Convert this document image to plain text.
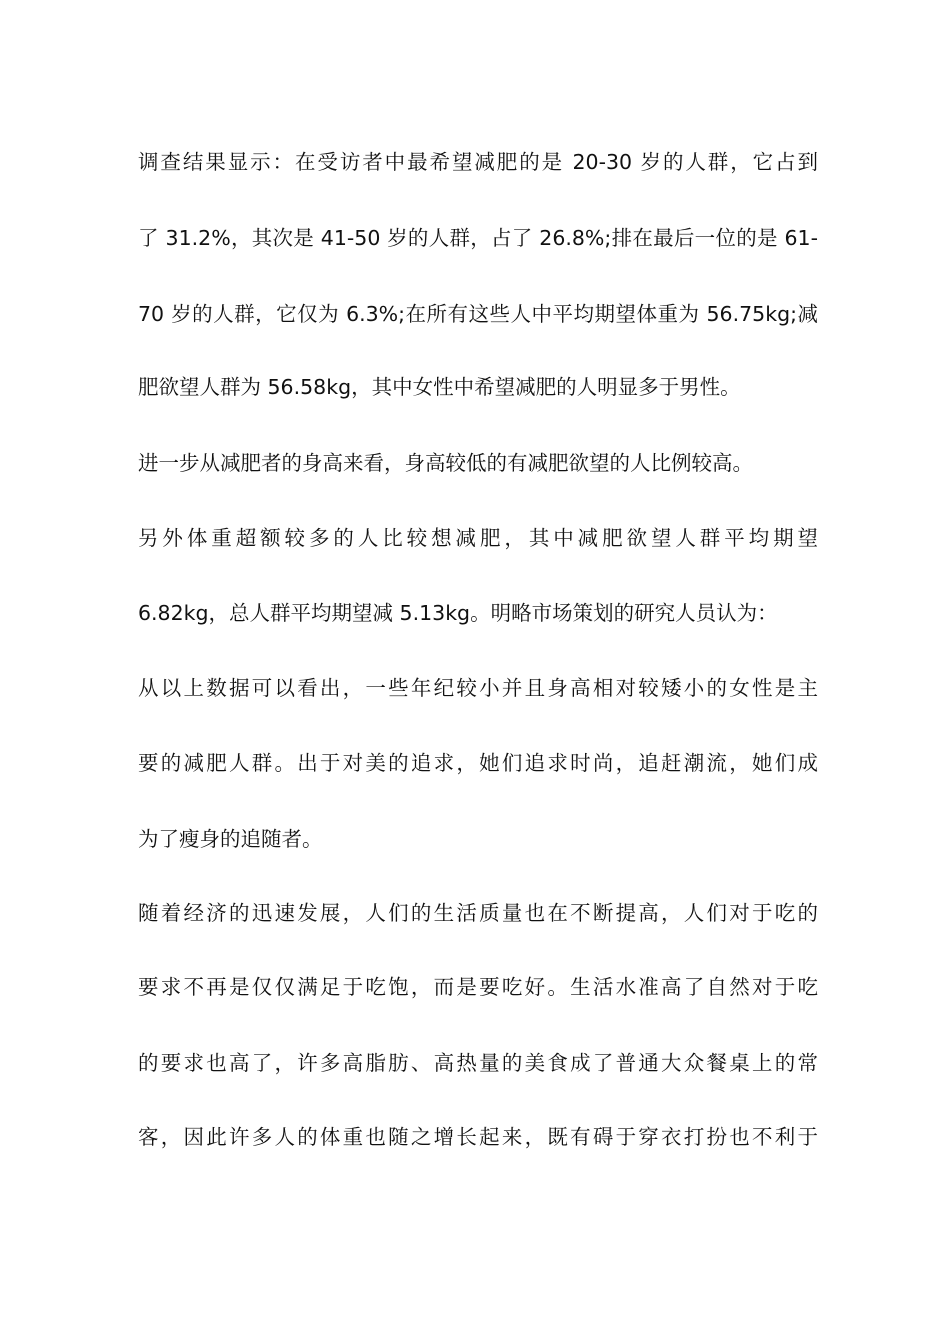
调查结果显示：在受访者中最希望减肥的是 20-30 岁的人群，它占到
了 31.2%，其次是 41-50 岁的人群，占了 26.8%;排在最后一位的是 61-
70 岁的人群，它仅为 6.3%;在所有这些人中平均期望体重为 56.75kg;减
肥欲望人群为 56.58kg，其中女性中希望减肥的人明显多于男性。
进一步从减肥者的身高来看，身高较低的有减肥欲望的人比例较高。
另外体重超额较多的人比较想减肥，其中减肥欲望人群平均期望
6.82kg，总人群平均期望减 5.13kg。明略市场策划的研究人员认为：
从以上数据可以看出，一些年纪较小并且身高相对较矮小的女性是主
要的减肥人群。出于对美的追求，她们追求时尚，追赶潮流，她们成
为了瘦身的追随者。
随着经济的迅速发展，人们的生活质量也在不断提高，人们对于吃的
要求不再是仅仅满足于吃饱，而是要吃好。生活水准高了自然对于吃
的要求也高了，许多高脂肪、高热量的美食成了普通大众餐桌上的常
客，因此许多人的体重也随之增长起来，既有碍于穿衣打扮也不利于
